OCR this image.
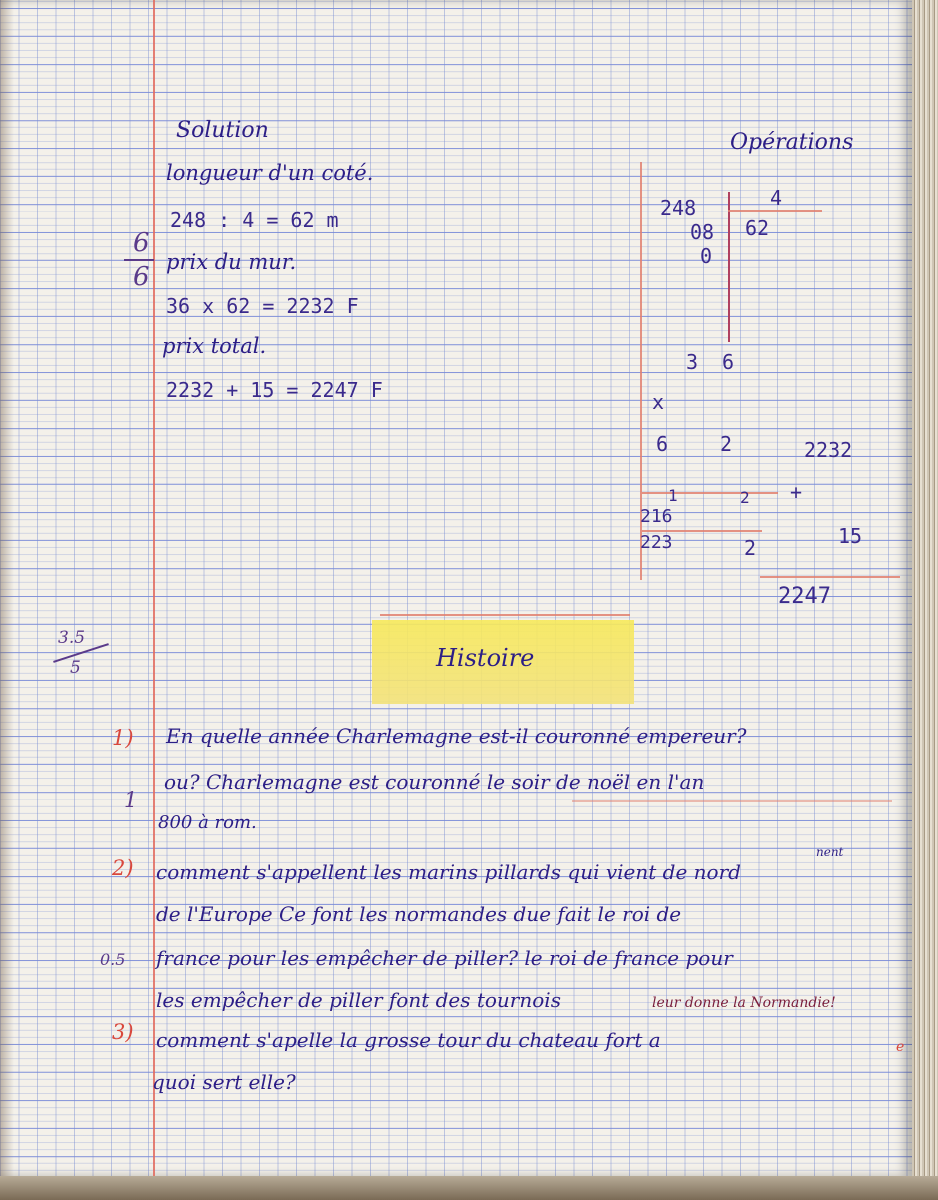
Solution
longueur d'un coté.
248 : 4 = 62 m
prix du mur.
36 x 62 = 2232 F
prix total.
2232 + 15 = 2247 F
6
6
Opérations
248	4
08 62
0
3 6
x
6	2
1	2
216
223	2
2232
+
15
2247
Histoire
3.5
5
1) En quelle année Charlemagne est-il couronné empereur?
ou? Charlemagne est couronné le soir de noël en l'an
1
800 à rom.
2)
nent
comment s'appellent les marins pillards qui vient de nord
de l'Europe Ce font les normandes due fait le roi de
0.5 france pour les empêcher de piller? le roi de france pour
les empêcher de piller font des tournois	leur donne la Normandie!
3) comment s'apelle la grosse tour du chateau fort a
quoi sert elle?
e
